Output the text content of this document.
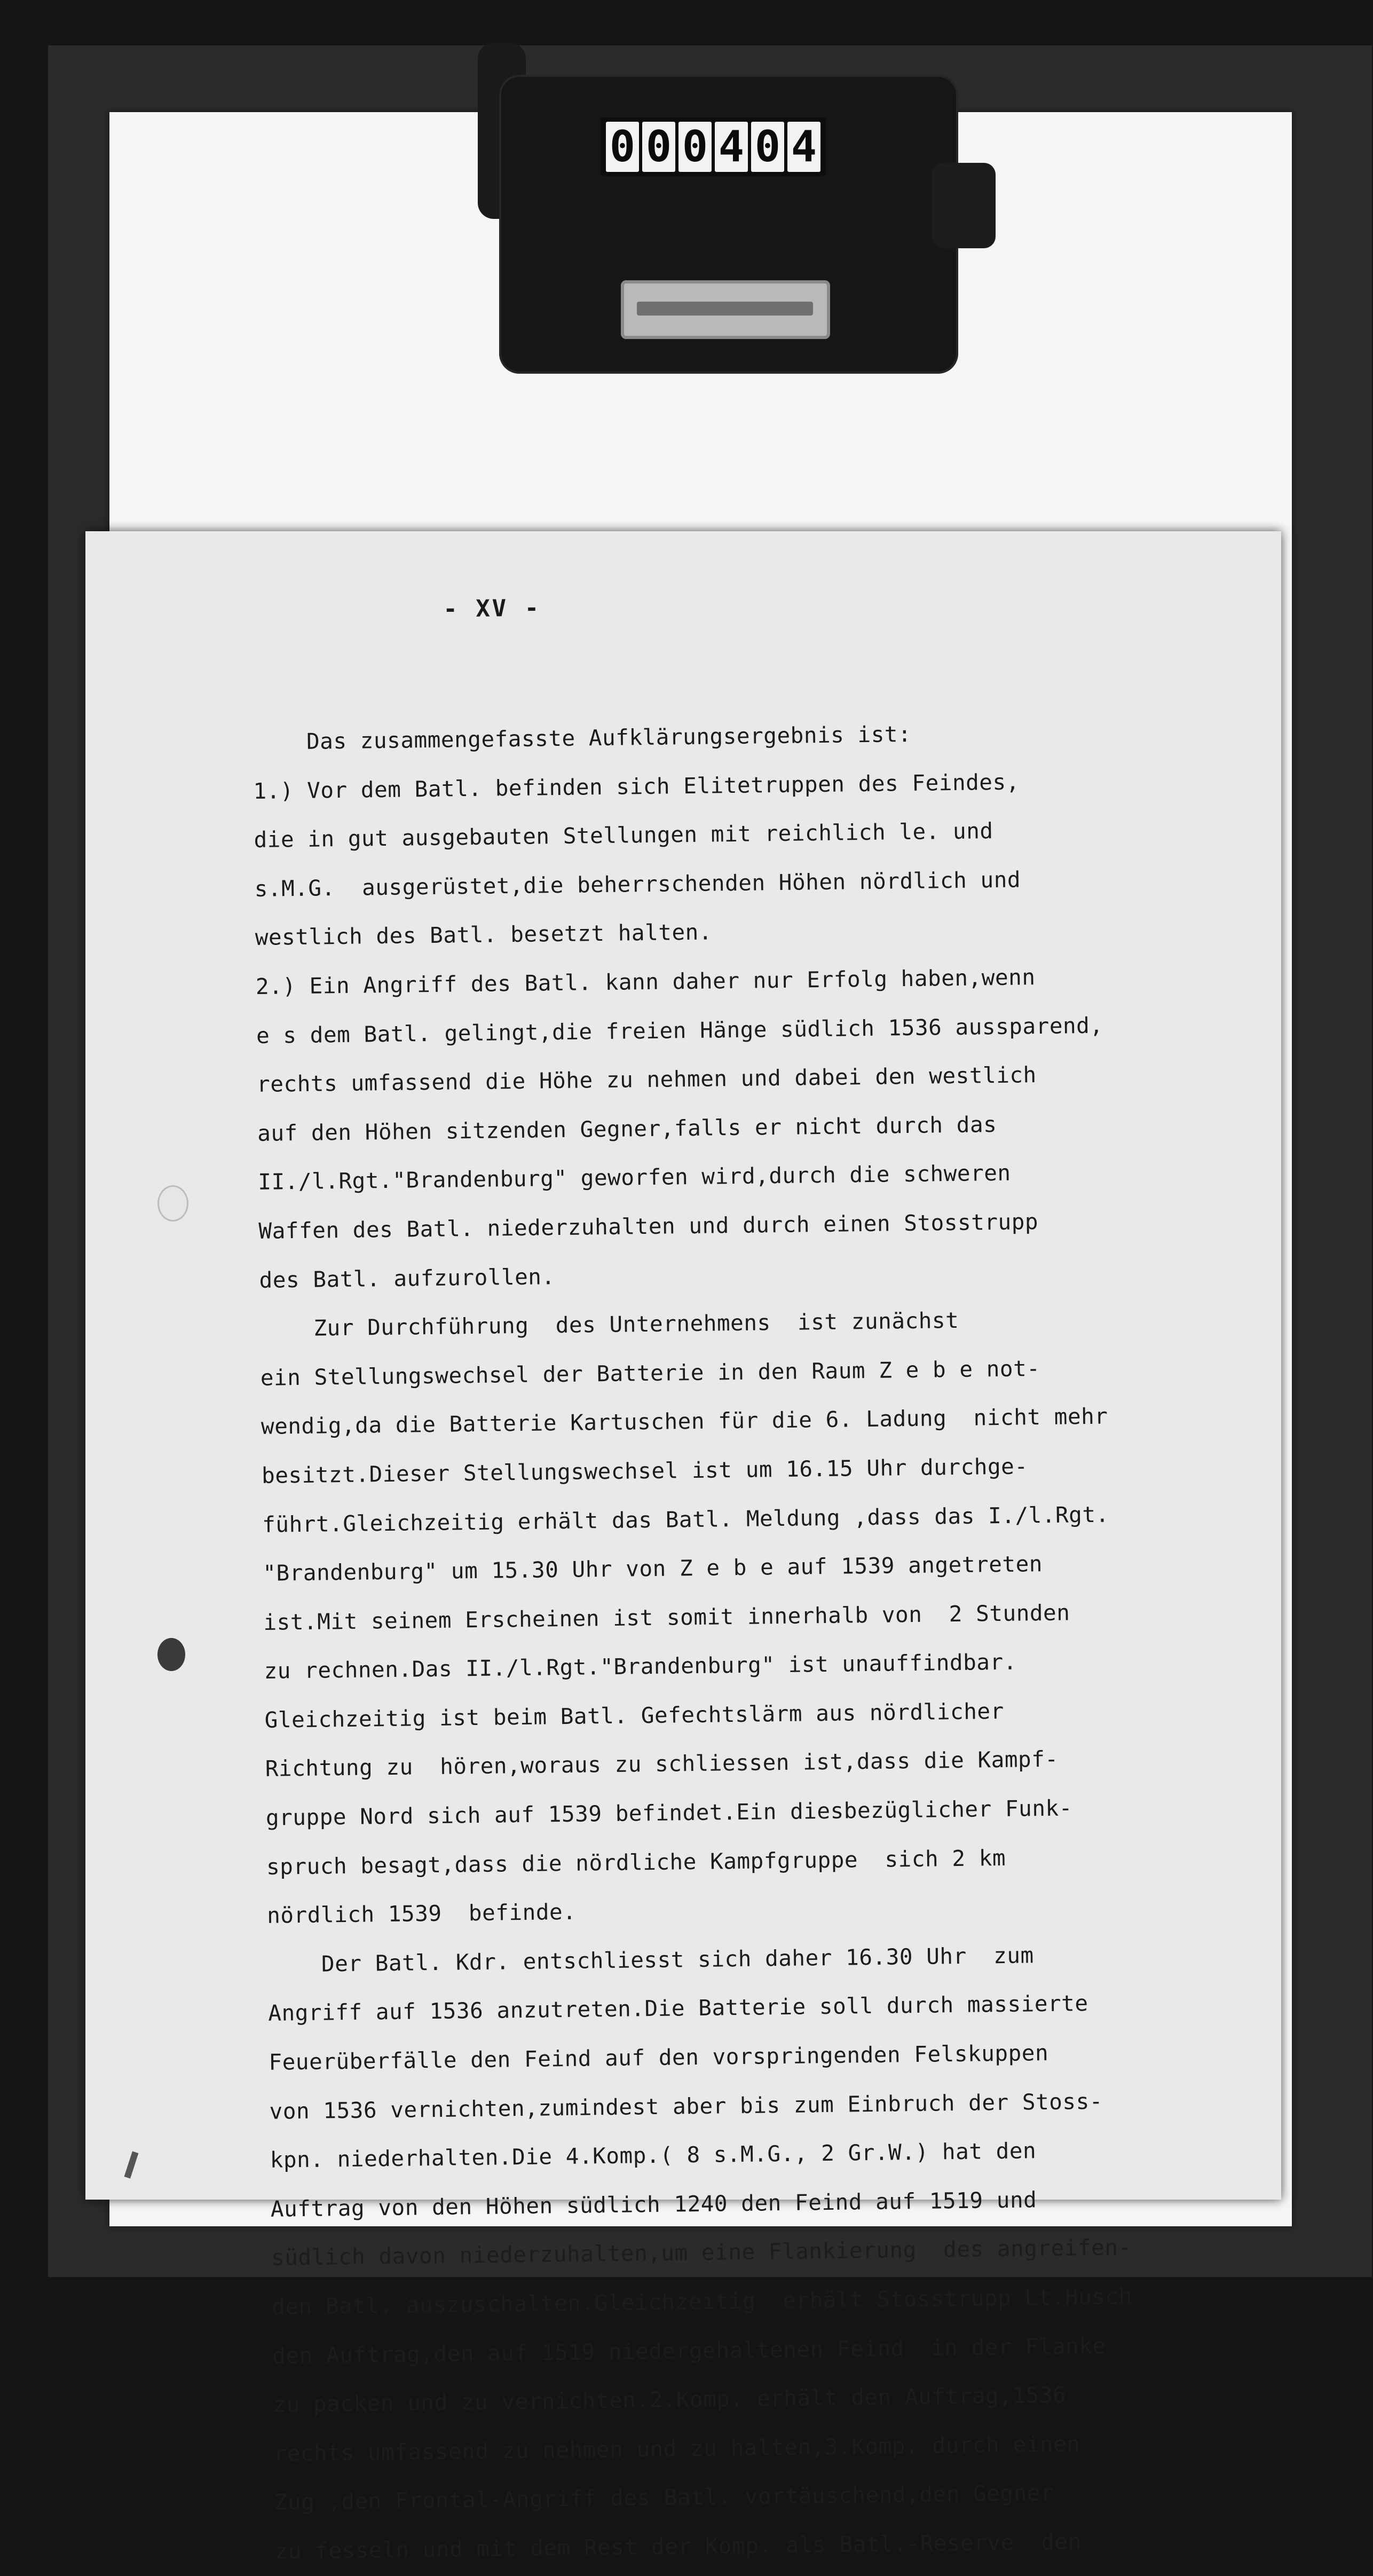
0 0 0 4 0 4
- XV -
Das zusammengefasste Aufklärungsergebnis ist:
1.) Vor dem Batl. befinden sich Elitetruppen des Feindes,
die in gut ausgebauten Stellungen mit reichlich le. und
s.M.G.  ausgerüstet,die beherrschenden Höhen nördlich und
westlich des Batl. besetzt halten.
2.) Ein Angriff des Batl. kann daher nur Erfolg haben,wenn
e s dem Batl. gelingt,die freien Hänge südlich 1536 aussparend,
rechts umfassend die Höhe zu nehmen und dabei den westlich
auf den Höhen sitzenden Gegner,falls er nicht durch das
II./l.Rgt."Brandenburg" geworfen wird,durch die schweren
Waffen des Batl. niederzuhalten und durch einen Stosstrupp
des Batl. aufzurollen.
Zur Durchführung  des Unternehmens  ist zunächst
ein Stellungswechsel der Batterie in den Raum Z e b e not-
wendig,da die Batterie Kartuschen für die 6. Ladung  nicht mehr
besitzt.Dieser Stellungswechsel ist um 16.15 Uhr durchge-
führt.Gleichzeitig erhält das Batl. Meldung ,dass das I./l.Rgt.
"Brandenburg" um 15.30 Uhr von Z e b e auf 1539 angetreten
ist.Mit seinem Erscheinen ist somit innerhalb von  2 Stunden
zu rechnen.Das II./l.Rgt."Brandenburg" ist unauffindbar.
Gleichzeitig ist beim Batl. Gefechtslärm aus nördlicher
Richtung zu  hören,woraus zu schliessen ist,dass die Kampf-
gruppe Nord sich auf 1539 befindet.Ein diesbezüglicher Funk-
spruch besagt,dass die nördliche Kampfgruppe  sich 2 km
nördlich 1539  befinde.
Der Batl. Kdr. entschliesst sich daher 16.30 Uhr  zum
Angriff auf 1536 anzutreten.Die Batterie soll durch massierte
Feuerüberfälle den Feind auf den vorspringenden Felskuppen
von 1536 vernichten,zumindest aber bis zum Einbruch der Stoss-
kpn. niederhalten.Die 4.Komp.( 8 s.M.G., 2 Gr.W.) hat den
Auftrag von den Höhen südlich 1240 den Feind auf 1519 und
südlich davon niederzuhalten,um eine Flankierung  des angreifen-
den Batl. auszuschalten.Gleichzeitig  erhält Stosstrupp Lt.Husch
den Auftrag,den auf 1519 niedergehaltenen Feind  in der Flanke
zu packen und zu vernichten.2.Komp. erhält den Auftrag,1536
rechts umfassend zu nehmen und zu halten,3.Komp. durch einen
Zug ,den Frontal-Angriff des Batl. vortäuschend,den Gegner
zu fesseln und mit dem Rest der Komp. als Batl.-Reserve  den
